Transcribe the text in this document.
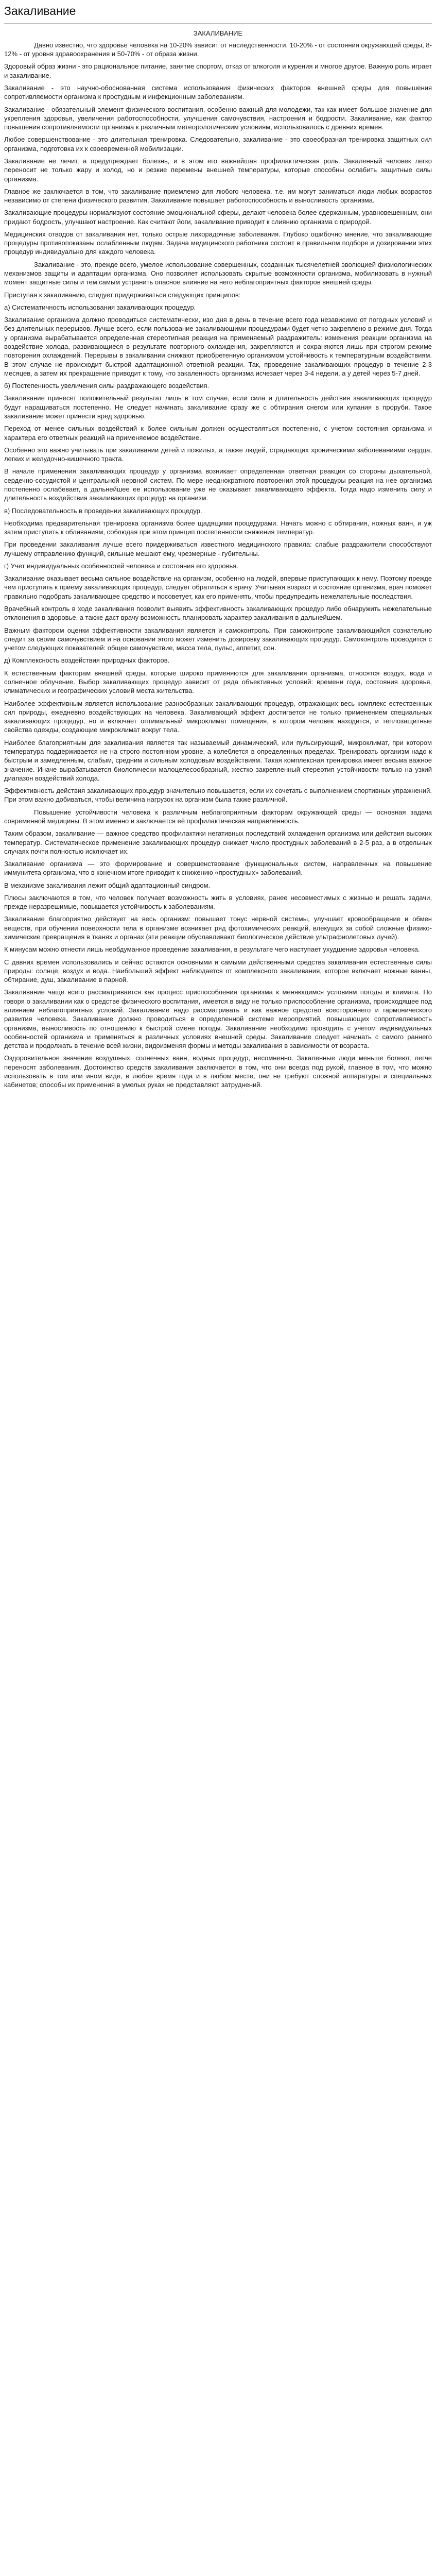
Закаливание

ЗАКАЛИВАНИЕ

Давно известно, что здоровье человека на 10-20% зависит от наследственности, 10-20% - от состояния окружающей среды, 8-12% - от уровня здравоохранения и 50-70% - от образа жизни.

Здоровый образ жизни - это рациональное питание, занятие спортом, отказ от алкоголя и курения и многое другое. Важную роль играет и закаливание.

Закаливание - это научно-обоснованная система использования физических факторов внешней среды для повышения сопротивляемости организма к простудным и инфекционным заболеваниям.

Закаливание - обязательный элемент физического воспитания, особенно важный для молодежи, так как имеет большое значение для укрепления здоровья, увеличения работоспособности, улучшения самочувствия, настроения и бодрости. Закаливание, как фактор повышения сопротивляемости организма к различным метеорологическим условиям, использовалось с древних времен.

Любое совершенствование - это длительная тренировка. Следовательно, закаливание - это своеобразная тренировка защитных сил организма, подготовка их к своевременной мобилизации.

Закаливание не лечит, а предупреждает болезнь, и в этом его важнейшая профилактическая роль. Закаленный человек легко переносит не только жару и холод, но и резкие перемены внешней температуры, которые способны ослабить защитные силы организма.

Главное же заключается в том, что закаливание приемлемо для любого человека, т.е. им могут заниматься люди любых возрастов независимо от степени физического развития. Закаливание повышает работоспособность и выносливость организма.

Закаливающие процедуры нормализуют состояние эмоциональной сферы, делают человека более сдержанным, уравновешенным, они придают бодрость, улучшают настроение. Как считают йоги, закаливание приводит к слиянию организма с природой.

Медицинских отводов от закаливания нет, только острые лихорадочные заболевания. Глубоко ошибочно мнение, что закаливающие процедуры противопоказаны ослабленным людям. Задача медицинского работника состоит в правильном подборе и дозировании этих процедур индивидуально для каждого человека.

Закаливание - это, прежде всего, умелое использование совершенных, созданных тысячелетней эволюцией физиологических механизмов защиты и адаптации организма. Оно позволяет использовать скрытые возможности организма, мобилизовать в нужный момент защитные силы и тем самым устранить опасное влияние на него неблагоприятных факторов внешней среды.

Приступая к закаливанию, следует придерживаться следующих принципов:

а) Систематичность использования закаливающих процедур.

Закаливание организма должно проводиться систематически, изо дня в день в течение всего года независимо от погодных условий и без длительных перерывов. Лучше всего, если пользование закаливающими процедурами будет четко закреплено в режиме дня. Тогда у организма вырабатывается определенная стереотипная реакция на применяемый раздражитель: изменения реакции организма на воздействие холода, развивающиеся в результате повторного охлаждения, закрепляются и сохраняются лишь при строгом режиме повторения охлаждений. Перерывы в закаливании снижают приобретенную организмом устойчивость к температурным воздействиям. В этом случае не происходит быстрой адаптационной ответной реакции. Так, проведение закаливающих процедур в течение 2-3 месяцев, а затем их прекращение приводит к тому, что закаленность организма исчезает через 3-4 недели, а у детей через 5-7 дней.

б) Постепенность увеличения силы раздражающего воздействия.

Закаливание принесет положительный результат лишь в том случае, если сила и длительность действия закаливающих процедур будут наращиваться постепенно. Не следует начинать закаливание сразу же с обтирания снегом или купания в проруби. Такое закаливание может принести вред здоровью.

Переход от менее сильных воздействий к более сильным должен осуществляться постепенно, с учетом состояния организма и характера его ответных реакций на применяемое воздействие.

Особенно это важно учитывать при закаливании детей и пожилых, а также людей, страдающих хроническими заболеваниями сердца, легких и желудочно-кишечного тракта.

В начале применения закаливающих процедур у организма возникает определенная ответная реакция со стороны дыхательной, сердечно-сосудистой и центральной нервной систем. По мере неоднократного повторения этой процедуры реакция на нее организма постепенно ослабевает, а дальнейшее ее использование уже не оказывает закаливающего эффекта. Тогда надо изменить силу и длительность воздействия закаливающих процедур на организм.

в) Последовательность в проведении закаливающих процедур.

Необходима предварительная тренировка организма более щадящими процедурами. Начать можно с обтирания, ножных ванн, и уж затем приступить к обливаниям, соблюдая при этом принцип постепенности снижения температур.

При проведении закаливания лучше всего придерживаться известного медицинского правила: слабые раздражители способствуют лучшему отправлению функций, сильные мешают ему, чрезмерные - губительны.

г) Учет индивидуальных особенностей человека и состояния его здоровья.

Закаливание оказывает весьма сильное воздействие на организм, особенно на людей, впервые приступающих к нему. Поэтому прежде чем приступить к приему закаливающих процедур, следует обратиться к врачу. Учитывая возраст и состояние организма, врач поможет правильно подобрать закаливающее средство и посоветует, как его применять, чтобы предупредить нежелательные последствия.

Врачебный контроль в ходе закаливания позволит выявить эффективность закаливающих процедур либо обнаружить нежелательные отклонения в здоровье, а также даст врачу возможность планировать характер закаливания в дальнейшем.

Важным фактором оценки эффективности закаливания является и самоконтроль. При самоконтроле закаливающийся сознательно следит за своим самочувствием и на основании этого может изменить дозировку закаливающих процедур. Самоконтроль проводится с учетом следующих показателей: общее самочувствие, масса тела, пульс, аппетит, сон.

д) Комплексность воздействия природных факторов.

К естественным факторам внешней среды, которые широко применяются для закаливания организма, относятся воздух, вода и солнечное облучение. Выбор закаливающих процедур зависит от ряда объективных условий: времени года, состояния здоровья, климатических и географических условий места жительства.

Наиболее эффективным является использование разнообразных закаливающих процедур, отражающих весь комплекс естественных сил природы, ежедневно воздействующих на человека. Закаливающий эффект достигается не только применением специальных закаливающих процедур, но и включает оптимальный микроклимат помещения, в котором человек находится, и теплозащитные свойства одежды, создающие микроклимат вокруг тела.

Наиболее благоприятным для закаливания является так называемый динамический, или пульсирующий, микроклимат, при котором температура поддерживается не на строго постоянном уровне, а колеблется в определенных пределах. Тренировать организм надо к быстрым и замедленным, слабым, средним и сильным холодовым воздействиям. Такая комплексная тренировка имеет весьма важное значение. Иначе вырабатывается биологически малоцелесообразный, жестко закрепленный стереотип устойчивости только на узкий диапазон воздействий холода.

Эффективность действия закаливающих процедур значительно повышается, если их сочетать с выполнением спортивных упражнений. При этом важно добиваться, чтобы величина нагрузок на организм была также различной.

Повышение устойчивости человека к различным неблагоприятным факторам окружающей среды — основная задача современной медицины. В этом именно и заключается её профилактическая направленность.

Таким образом, закаливание — важное средство профилактики негативных последствий охлаждения организма или действия высоких температур. Систематическое применение закаливающих процедур снижает число простудных заболеваний в 2-5 раз, а в отдельных случаях почти полностью исключает их.

Закаливание организма — это формирование и совершенствование функциональных систем, направленных на повышение иммунитета организма, что в конечном итоге приводит к снижению «простудных» заболеваний.

В механизме закаливания лежит общий адаптационный синдром.

Плюсы заключаются в том, что человек получает возможность жить в условиях, ранее несовместимых с жизнью и решать задачи, прежде неразрешимые, повышается устойчивость к заболеваниям.

Закаливание благоприятно действует на весь организм: повышает тонус нервной системы, улучшает кровообращение и обмен веществ, при обучении поверхности тела в организме возникает ряд фотохимических реакций, влекущих за собой сложные физико-химические превращения в тканях и органах (эти реакции обуславливают биологическое действие ультрафиолетовых лучей).

К минусам можно отнести лишь необдуманное проведение закаливания, в результате чего наступает ухудшение здоровья человека.

С давних времен использовались и сейчас остаются основными и самыми действенными средства закаливания естественные силы природы: солнце, воздух и вода. Наибольший эффект наблюдается от комплексного закаливания, которое включает ножные ванны, обтирание, душ, закаливание в парной.

Закаливание чаще всего рассматривается как процесс приспособления организма к меняющимся условиям погоды и климата. Но говоря о закаливании как о средстве физического воспитания, имеется в виду не только приспособление организма, происходящее под влиянием неблагоприятных условий. Закаливание надо рассматривать и как важное средство всестороннего и гармонического развития человека. Закаливание должно проводиться в определенной системе мероприятий, повышающих сопротивляемость организма, выносливость по отношению к быстрой смене погоды. Закаливание необходимо проводить с учетом индивидуальных особенностей организма и применяться в различных условиях внешней среды. Закаливание следует начинать с самого раннего детства и продолжать в течение всей жизни, видоизменяя формы и методы закаливания в зависимости от возраста.

Оздоровительное значение воздушных, солнечных ванн, водных процедур, несомненно. Закаленные люди меньше болеют, легче переносят заболевания. Достоинство средств закаливания заключается в том, что они всегда под рукой, главное в том, что можно использовать в том или ином виде, в любое время года и в любом месте, они не требуют сложной аппаратуры и специальных кабинетов; способы их применения в умелых руках не представляют затруднений.
